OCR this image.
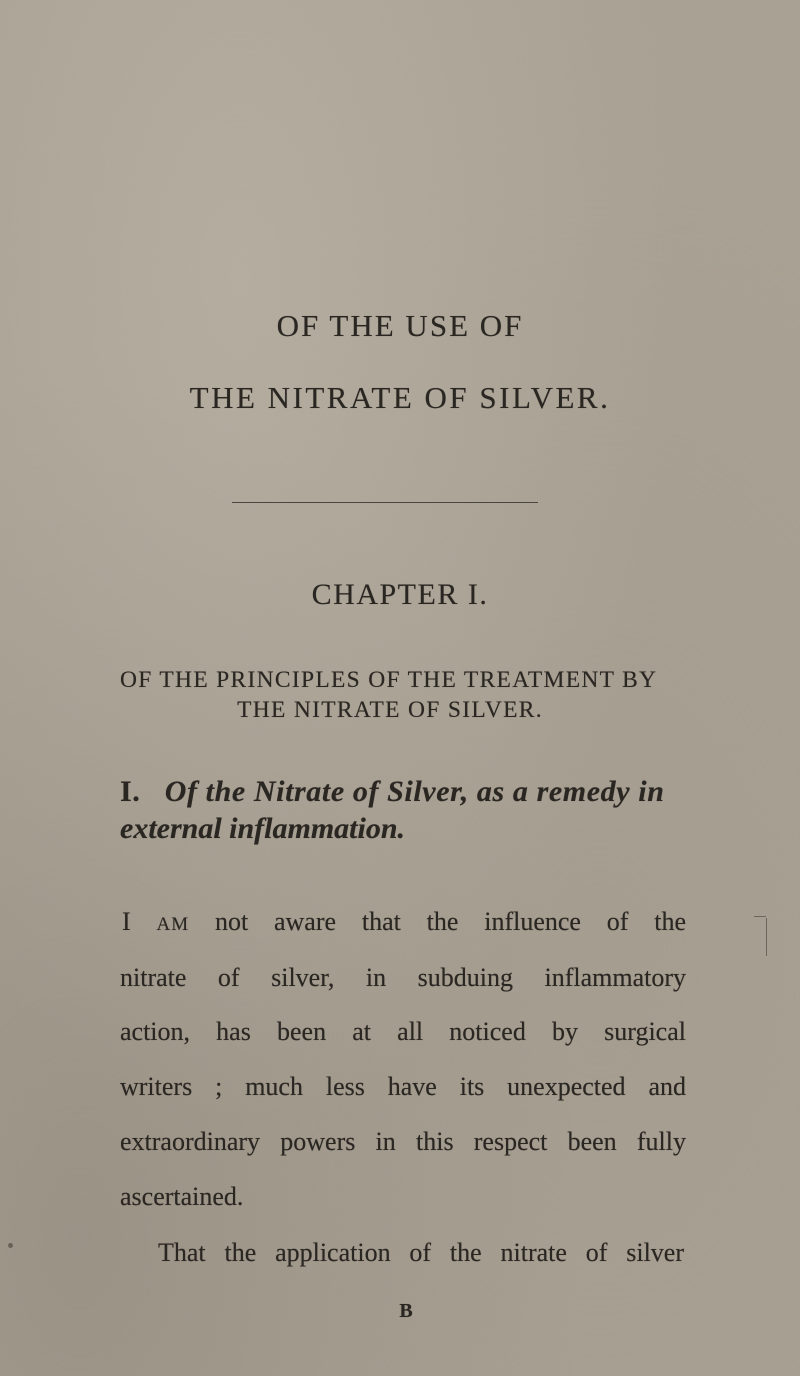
OF THE USE OF
THE NITRATE OF SILVER.
CHAPTER I.
OF THE PRINCIPLES OF THE TREATMENT BY
THE NITRATE OF SILVER.
I. Of the Nitrate of Silver, as a remedy in
external inflammation.
I AM not aware that the influence of the
nitrate of silver, in subduing inflammatory
action, has been at all noticed by surgical
writers ; much less have its unexpected and
extraordinary powers in this respect been fully
ascertained.
That the application of the nitrate of silver
B
